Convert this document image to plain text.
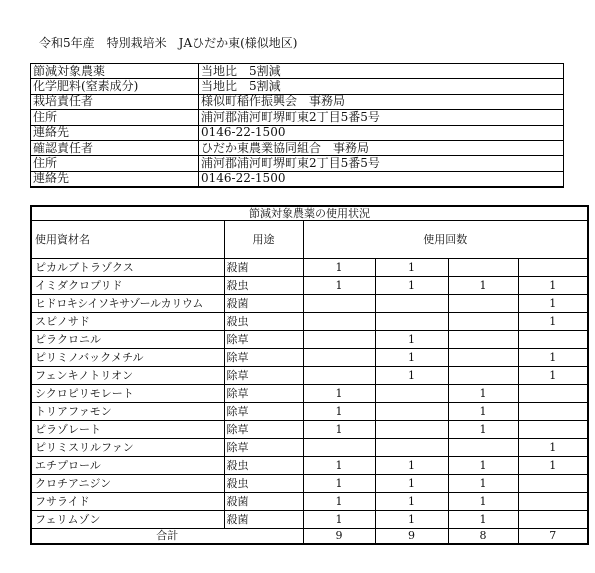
令和5年産　特別栽培米　JAひだか東(様似地区)
節減対象農薬	当地比　5割減
化学肥料(窒素成分)	当地比　5割減
栽培責任者	様似町稲作振興会　事務局
住所	浦河郡浦河町堺町東2丁目5番5号
連絡先	0146-22-1500
確認責任者	ひだか東農業協同組合　事務局
住所	浦河郡浦河町堺町東2丁目5番5号
連絡先	0146-22-1500
節減対象農薬の使用状況					
使用資材名	用途	使用回数			
ピカルブトラゾクス	殺菌	1	1		
イミダクロプリド	殺虫	1	1	1	1
ヒドロキシイソキサゾールカリウム	殺菌				1
スピノサド	殺虫				1
ピラクロニル	除草		1		
ピリミノバックメチル	除草		1		1
フェンキノトリオン	除草		1		1
シクロピリモレート	除草	1		1	
トリアファモン	除草	1		1	
ピラゾレート	除草	1		1	
ピリミスリルファン	除草				1
エチプロール	殺虫	1	1	1	1
クロチアニジン	殺虫	1	1	1	
フサライド	殺菌	1	1	1	
フェリムゾン	殺菌	1	1	1	
合計		9	9	8	7
